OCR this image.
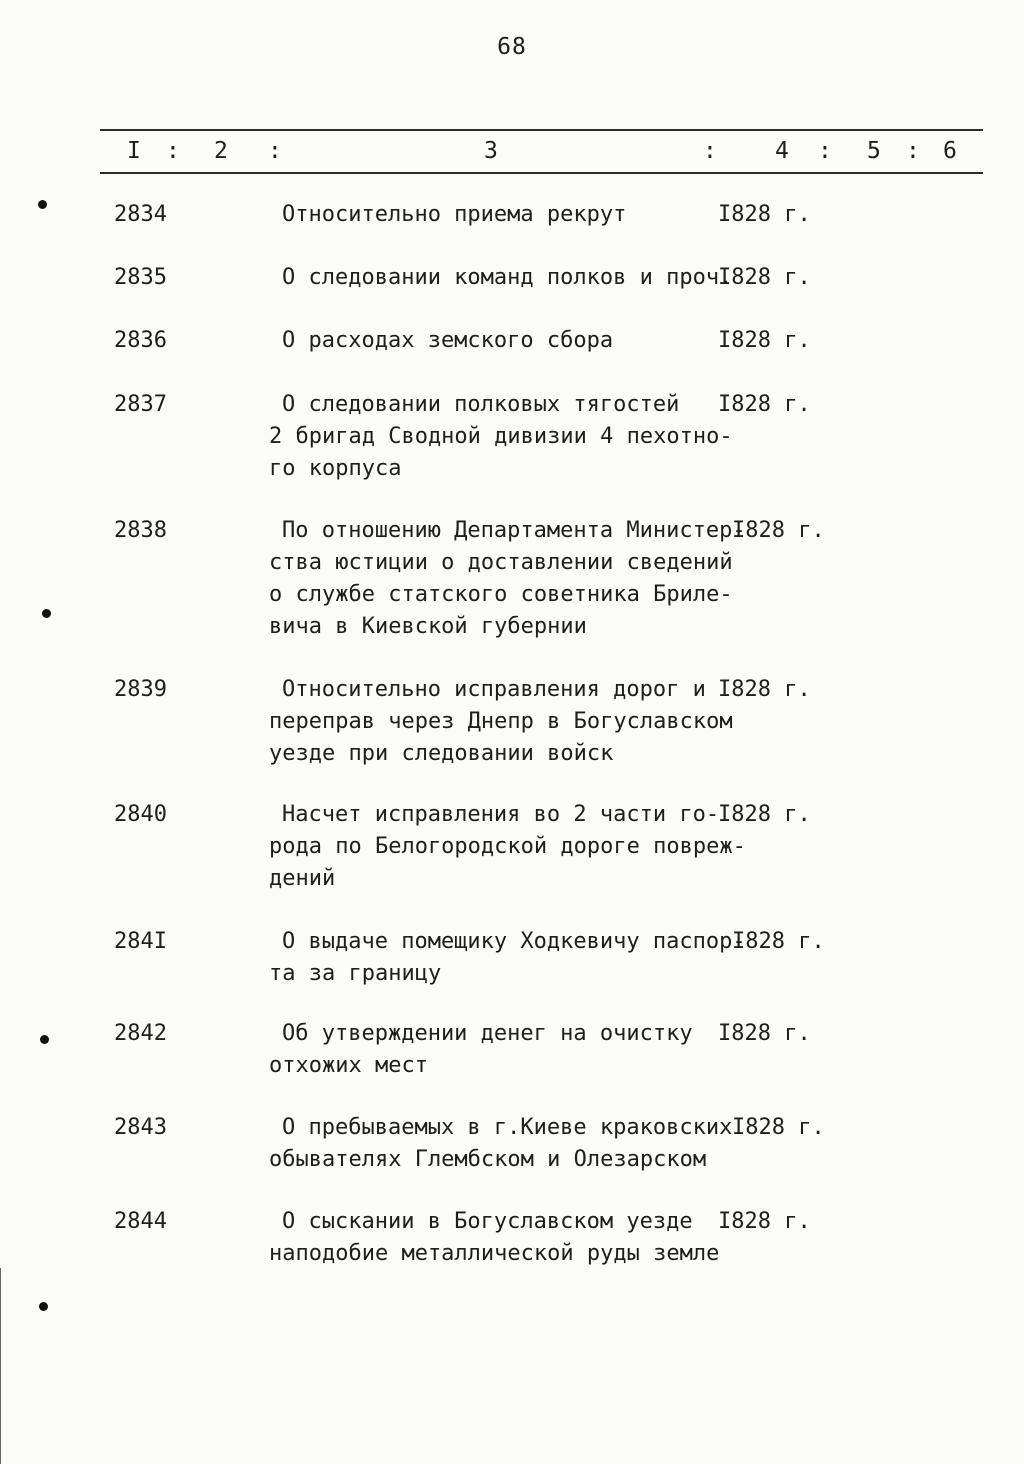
68
I : 2 :	3	:	4 : 5 : 6
2834	Относительно приема рекрут	I828 г.
2835	О следовании команд полков и проч.
I828 г.
2836	О расходах земского сбора	I828 г.
2837	О следовании полковых тягостей
2 бригад Сводной дивизии 4 пехотно-
го корпуса
I828 г.
2838	По отношению Департамента Министер-
ства юстиции о доставлении сведений
о службе статского советника Бриле-
вича в Киевской губернии
I828 г.
2839	Относительно исправления дорог и
переправ через Днепр в Богуславском
уезде при следовании войск
I828 г.
2840	Насчет исправления во 2 части го-
рода по Белогородской дороге повреж-
дений
I828 г.
284I	О выдаче помещику Ходкевичу паспор-
та за границу
I828 г.
2842	Об утверждении денег на очистку
отхожих мест
I828 г.
2843	О пребываемых в г.Киеве краковских
обывателях Глембском и Олезарском
I828 г.
2844	О сыскании в Богуславском уезде
наподобие металлической руды земле
I828 г.
